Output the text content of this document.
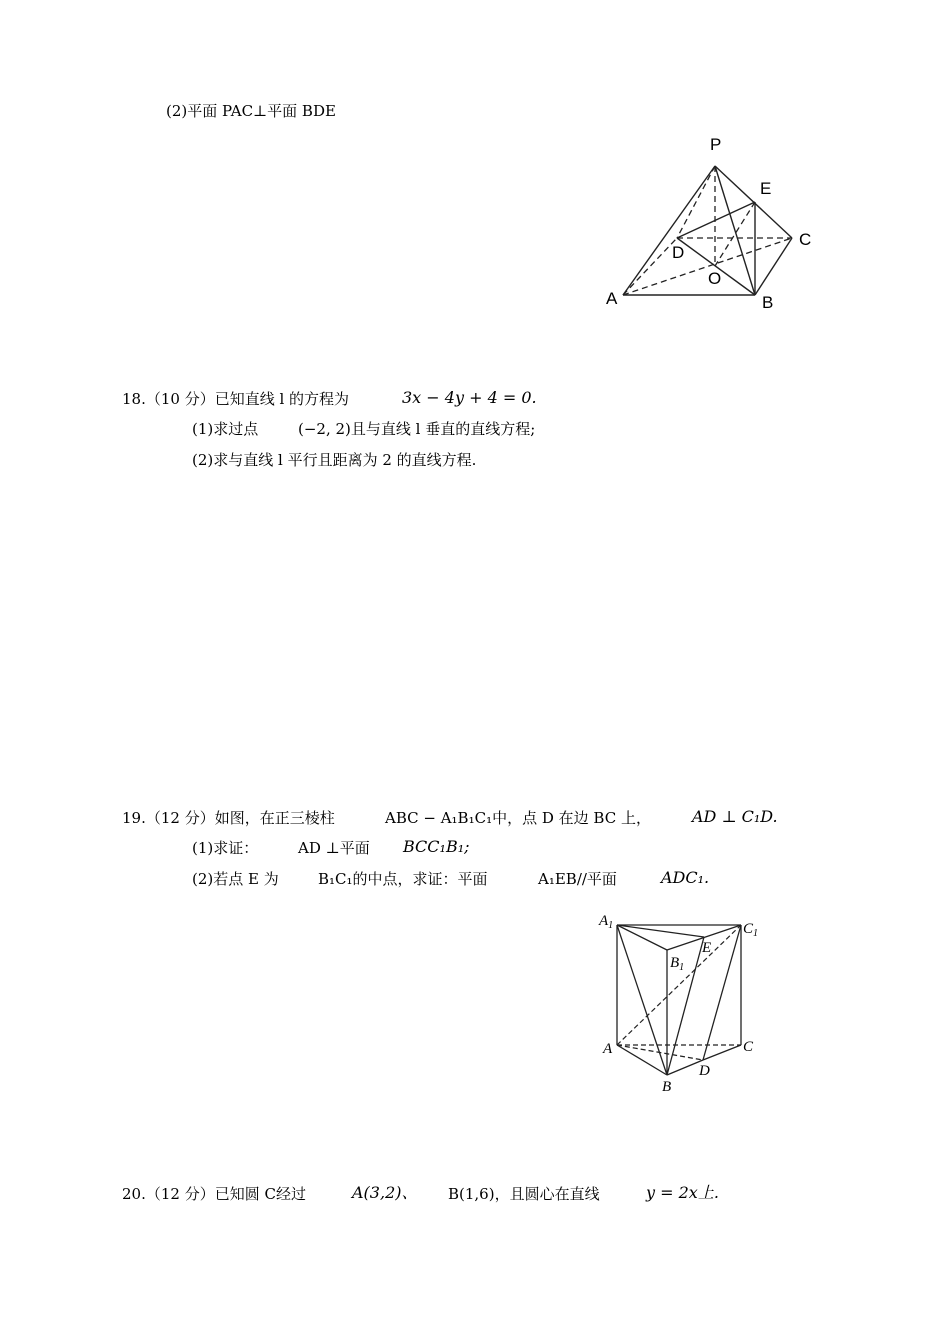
(2)平面 PAC⊥平面 BDE
P
E
C
D
O
A	B
18.（10 分）已知直线 l 的方程为	3x − 4y + 4 = 0.
(1)求过点	(−2, 2)且与直线 l 垂直的直线方程;
(2)求与直线 l 平行且距离为 2 的直线方程.
19.（12 分）如图，在正三棱柱	ABC − A₁B₁C₁中，点 D 在边 BC 上，	AD ⊥ C₁D.
(1)求证：	AD ⊥平面 BCC₁B₁;
(2)若点 E 为	B₁C₁的中点，求证：平面	A₁EB//平面	ADC₁.
$A_1$	$C_1$
$B_1$
E
A	C
B
D
20.（12 分）已知圆 C经过	A(3,2)、 B(1,6)，且圆心在直线	y = 2x上.
